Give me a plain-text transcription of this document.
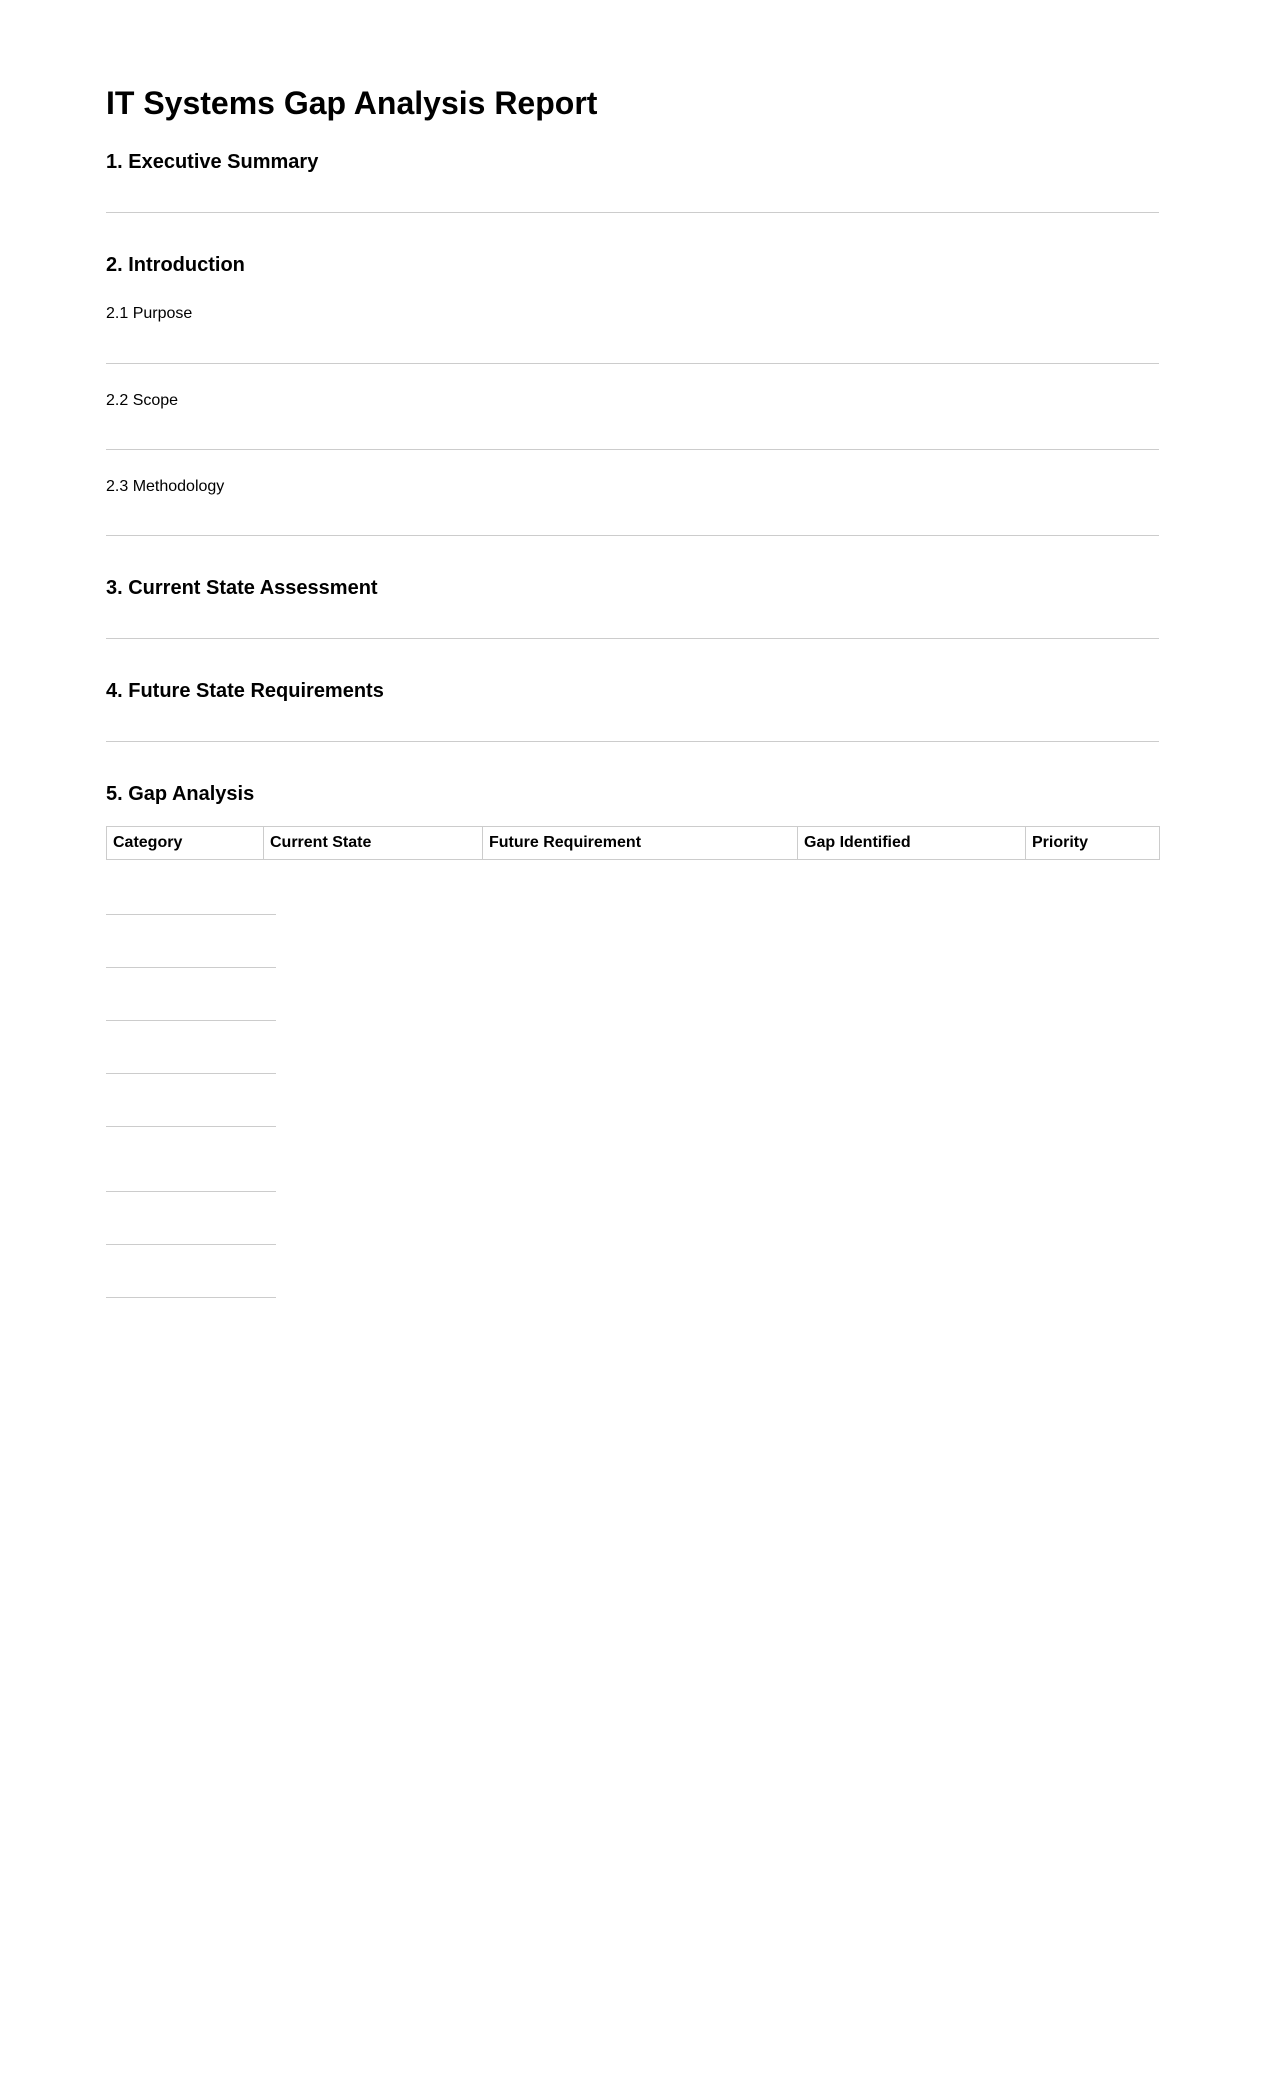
IT Systems Gap Analysis Report
1. Executive Summary
2. Introduction
2.1 Purpose
2.2 Scope
2.3 Methodology
3. Current State Assessment
4. Future State Requirements
5. Gap Analysis
Category	Current State	Future Requirement	Gap Identified	Priority
